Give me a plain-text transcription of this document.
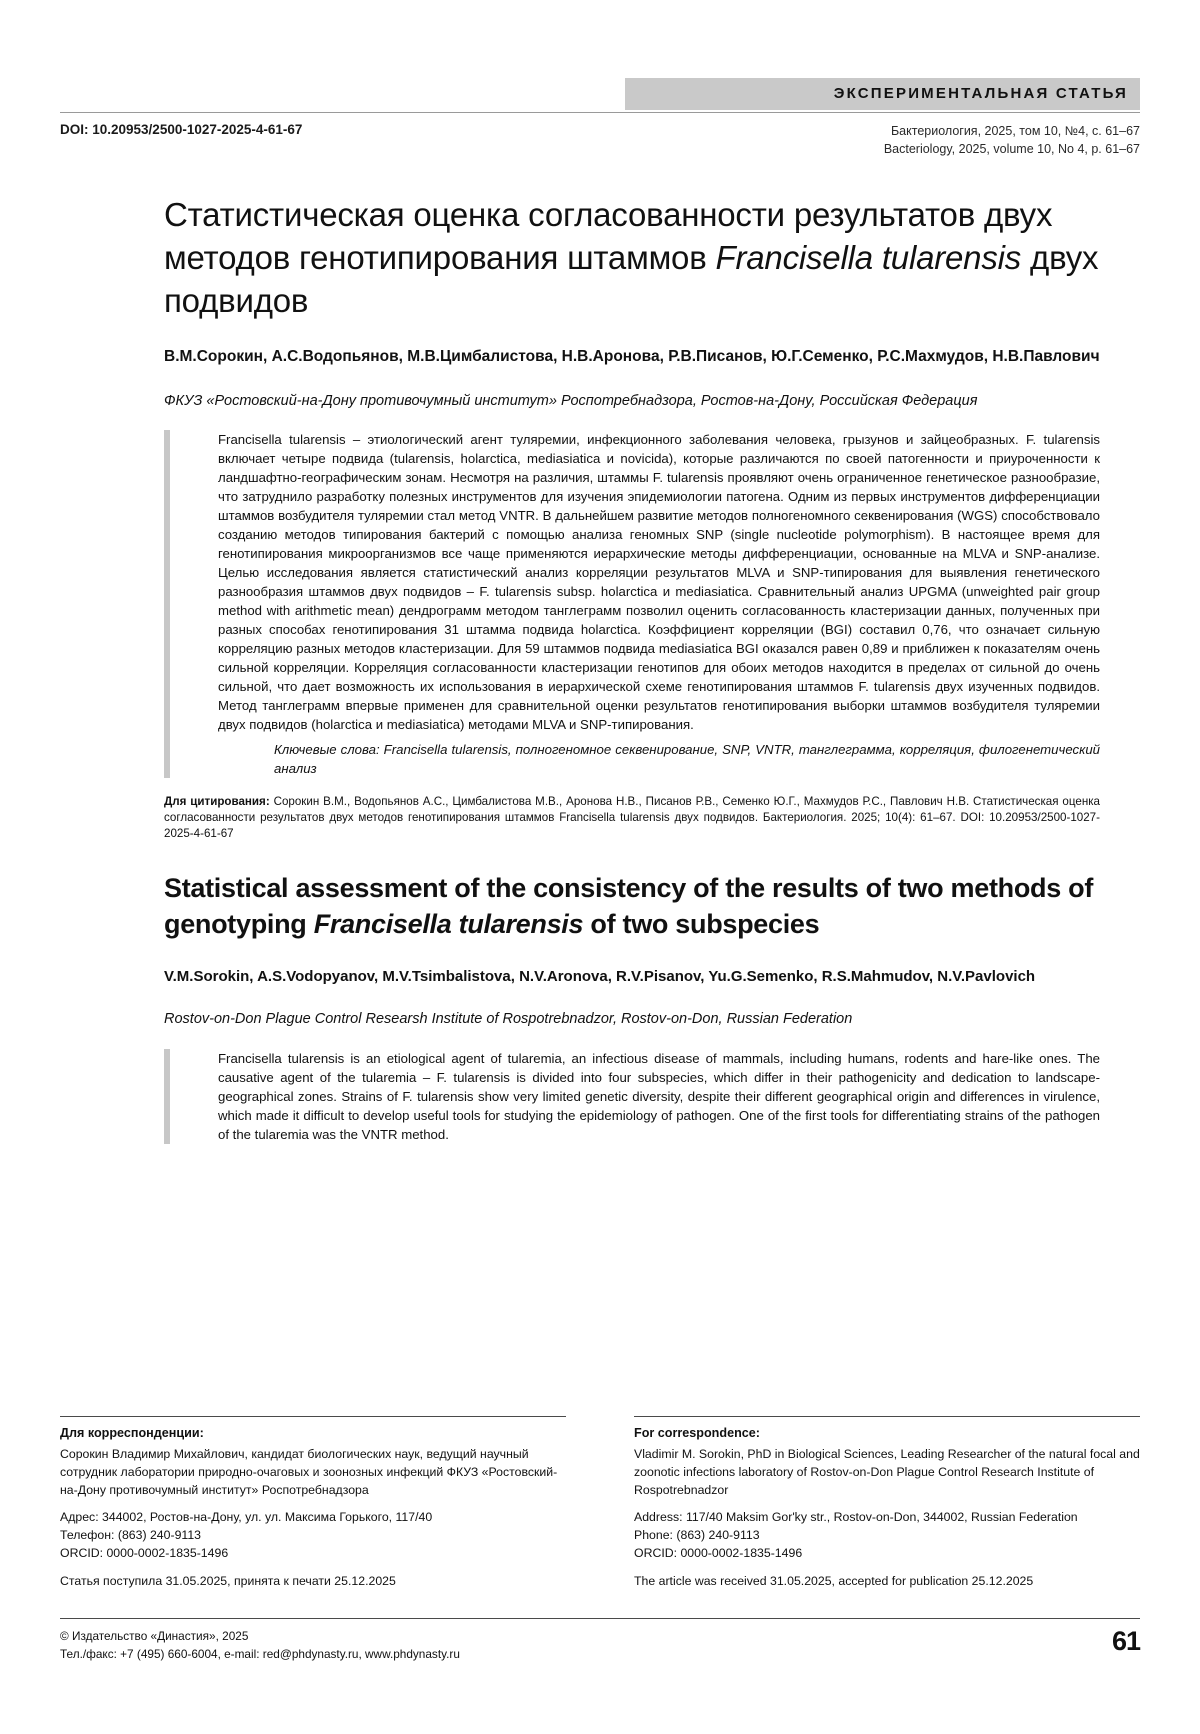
ЭКСПЕРИМЕНТАЛЬНАЯ СТАТЬЯ
DOI: 10.20953/2500-1027-2025-4-61-67	Бактериология, 2025, том 10, №4, с. 61–67
Bacteriology, 2025, volume 10, No 4, p. 61–67
Статистическая оценка согласованности результатов двух методов генотипирования штаммов Francisella tularensis двух подвидов
В.М.Сорокин, А.С.Водопьянов, М.В.Цимбалистова, Н.В.Аронова, Р.В.Писанов, Ю.Г.Семенко, Р.С.Махмудов, Н.В.Павлович
ФКУЗ «Ростовский-на-Дону противочумный институт» Роспотребнадзора, Ростов-на-Дону, Российская Федерация
Francisella tularensis – этиологический агент туляремии, инфекционного заболевания человека, грызунов и зайцеобразных. F. tularensis включает четыре подвида (tularensis, holarctica, mediasiatica и novicida), которые различаются по своей патогенности и приуроченности к ландшафтно-географическим зонам. Несмотря на различия, штаммы F. tularensis проявляют очень ограниченное генетическое разнообразие, что затруднило разработку полезных инструментов для изучения эпидемиологии патогена. Одним из первых инструментов дифференциации штаммов возбудителя туляремии стал метод VNTR. В дальнейшем развитие методов полногеномного секвенирования (WGS) способствовало созданию методов типирования бактерий с помощью анализа геномных SNP (single nucleotide polymorphism). В настоящее время для генотипирования микроорганизмов все чаще применяются иерархические методы дифференциации, основанные на MLVA и SNP-анализе. Целью исследования является статистический анализ корреляции результатов MLVA и SNP-типирования для выявления генетического разнообразия штаммов двух подвидов – F. tularensis subsp. holarctica и mediasiatica. Сравнительный анализ UPGMA (unweighted pair group method with arithmetic mean) дендрограмм методом танглеграмм позволил оценить согласованность кластеризации данных, полученных при разных способах генотипирования 31 штамма подвида holarctica. Коэффициент корреляции (BGI) составил 0,76, что означает сильную корреляцию разных методов кластеризации. Для 59 штаммов подвида mediasiatica BGI оказался равен 0,89 и приближен к показателям очень сильной корреляции. Корреляция согласованности кластеризации генотипов для обоих методов находится в пределах от сильной до очень сильной, что дает возможность их использования в иерархической схеме генотипирования штаммов F. tularensis двух изученных подвидов. Метод танглеграмм впервые применен для сравнительной оценки результатов генотипирования выборки штаммов возбудителя туляремии двух подвидов (holarctica и mediasiatica) методами MLVA и SNP-типирования.
Ключевые слова: Francisella tularensis, полногеномное секвенирование, SNP, VNTR, танглеграмма, корреляция, филогенетический анализ
Для цитирования: Сорокин В.М., Водопьянов А.С., Цимбалистова М.В., Аронова Н.В., Писанов Р.В., Семенко Ю.Г., Махмудов Р.С., Павлович Н.В. Статистическая оценка согласованности результатов двух методов генотипирования штаммов Francisella tularensis двух подвидов. Бактериология. 2025; 10(4): 61–67. DOI: 10.20953/2500-1027-2025-4-61-67
Statistical assessment of the consistency of the results of two methods of genotyping Francisella tularensis of two subspecies
V.M.Sorokin, A.S.Vodopyanov, M.V.Tsimbalistova, N.V.Aronova, R.V.Pisanov, Yu.G.Semenko, R.S.Mahmudov, N.V.Pavlovich
Rostov-on-Don Plague Control Researsh Institute of Rospotrebnadzor, Rostov-on-Don, Russian Federation
Francisella tularensis is an etiological agent of tularemia, an infectious disease of mammals, including humans, rodents and hare-like ones. The causative agent of the tularemia – F. tularensis is divided into four subspecies, which differ in their pathogenicity and dedication to landscape-geographical zones. Strains of F. tularensis show very limited genetic diversity, despite their different geographical origin and differences in virulence, which made it difficult to develop useful tools for studying the epidemiology of pathogen. One of the first tools for differentiating strains of the pathogen of the tularemia was the VNTR method.
Для корреспонденции:
Сорокин Владимир Михайлович, кандидат биологических наук, ведущий научный сотрудник лаборатории природно-очаговых и зоонозных инфекций ФКУЗ «Ростовский-на-Дону противочумный институт» Роспотребнадзора
Адрес: 344002, Ростов-на-Дону, ул. ул. Максима Горького, 117/40
Телефон: (863) 240-9113
ORCID: 0000-0002-1835-1496
Статья поступила 31.05.2025, принята к печати 25.12.2025
For correspondence:
Vladimir M. Sorokin, PhD in Biological Sciences, Leading Researcher of the natural focal and zoonotic infections laboratory of Rostov-on-Don Plague Control Research Institute of Rospotrebnadzor
Address: 117/40 Maksim Gor'ky str., Rostov-on-Don, 344002, Russian Federation
Phone: (863) 240-9113
ORCID: 0000-0002-1835-1496
The article was received 31.05.2025, accepted for publication 25.12.2025
© Издательство «Династия», 2025
Тел./факс: +7 (495) 660-6004, e-mail: red@phdynasty.ru, www.phdynasty.ru	61
